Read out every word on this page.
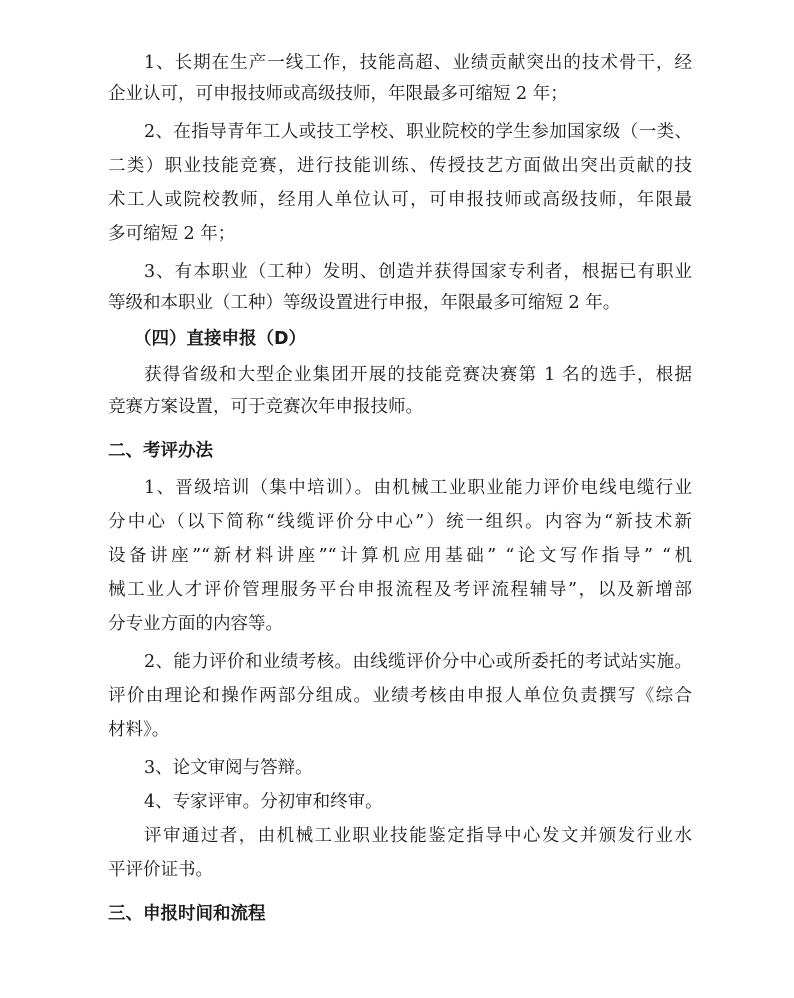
1、长期在生产一线工作，技能高超、业绩贡献突出的技术骨干，经
企业认可，可申报技师或高级技师，年限最多可缩短 2 年；
2、在指导青年工人或技工学校、职业院校的学生参加国家级（一类、
二类）职业技能竞赛，进行技能训练、传授技艺方面做出突出贡献的技
术工人或院校教师，经用人单位认可，可申报技师或高级技师，年限最
多可缩短 2 年；
3、有本职业（工种）发明、创造并获得国家专利者，根据已有职业
等级和本职业（工种）等级设置进行申报，年限最多可缩短 2 年。
（四）直接申报（D）
获得省级和大型企业集团开展的技能竞赛决赛第 1 名的选手，根据
竞赛方案设置，可于竞赛次年申报技师。
二、考评办法
1、晋级培训（集中培训）。由机械工业职业能力评价电线电缆行业
分中心（以下简称“线缆评价分中心”）统一组织。内容为“新技术新
设备讲座”“新材料讲座”“计算机应用基础” “论文写作指导” “机
械工业人才评价管理服务平台申报流程及考评流程辅导”，以及新增部
分专业方面的内容等。
2、能力评价和业绩考核。由线缆评价分中心或所委托的考试站实施。
评价由理论和操作两部分组成。业绩考核由申报人单位负责撰写《综合
材料》。
3、论文审阅与答辩。
4、专家评审。分初审和终审。
评审通过者，由机械工业职业技能鉴定指导中心发文并颁发行业水
平评价证书。
三、申报时间和流程
